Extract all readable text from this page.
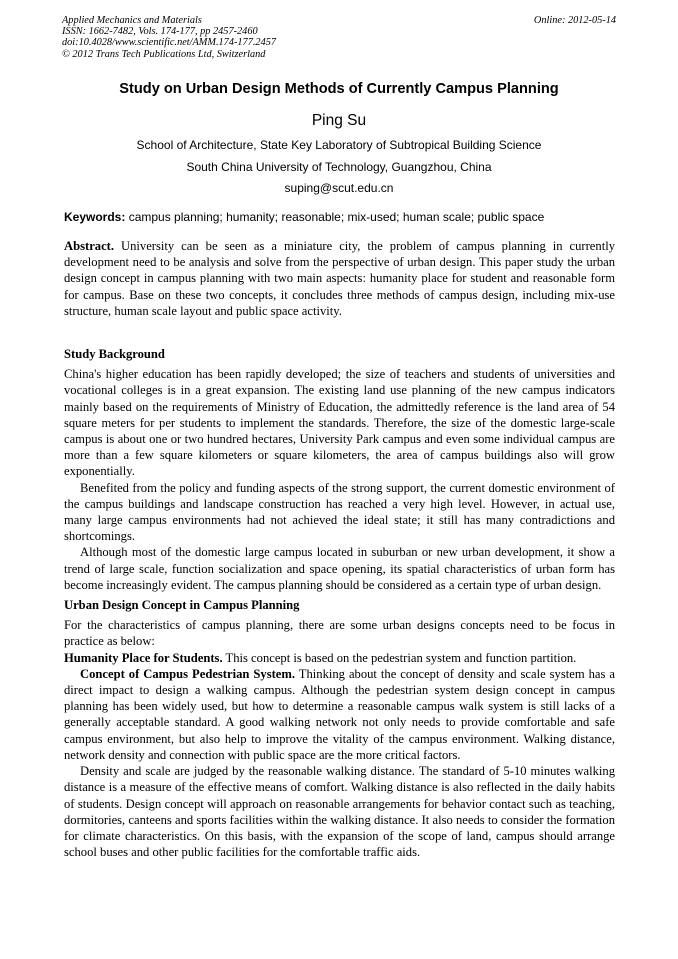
Applied Mechanics and Materials
ISSN: 1662-7482, Vols. 174-177, pp 2457-2460
doi:10.4028/www.scientific.net/AMM.174-177.2457
© 2012 Trans Tech Publications Ltd, Switzerland
Online: 2012-05-14
Study on Urban Design Methods of Currently Campus Planning
Ping Su
School of Architecture, State Key Laboratory of Subtropical Building Science
South China University of Technology, Guangzhou, China
suping@scut.edu.cn
Keywords: campus planning; humanity; reasonable; mix-used; human scale; public space

Abstract. University can be seen as a miniature city, the problem of campus planning in currently development need to be analysis and solve from the perspective of urban design. This paper study the urban design concept in campus planning with two main aspects: humanity place for student and reasonable form for campus. Base on these two concepts, it concludes three methods of campus design, including mix-use structure, human scale layout and public space activity.

Study Background

China's higher education has been rapidly developed; the size of teachers and students of universities and vocational colleges is in a great expansion. The existing land use planning of the new campus indicators mainly based on the requirements of Ministry of Education, the admittedly reference is the land area of 54 square meters for per students to implement the standards. Therefore, the size of the domestic large-scale campus is about one or two hundred hectares, University Park campus and even some individual campus are more than a few square kilometers or square kilometers, the area of campus buildings also will grow exponentially.

Benefited from the policy and funding aspects of the strong support, the current domestic environment of the campus buildings and landscape construction has reached a very high level. However, in actual use, many large campus environments had not achieved the ideal state; it still has many contradictions and shortcomings.

Although most of the domestic large campus located in suburban or new urban development, it show a trend of large scale, function socialization and space opening, its spatial characteristics of urban form has become increasingly evident. The campus planning should be considered as a certain type of urban design.

Urban Design Concept in Campus Planning

For the characteristics of campus planning, there are some urban designs concepts need to be focus in practice as below:

Humanity Place for Students. This concept is based on the pedestrian system and function partition.

Concept of Campus Pedestrian System. Thinking about the concept of density and scale system has a direct impact to design a walking campus. Although the pedestrian system design concept in campus planning has been widely used, but how to determine a reasonable campus walk system is still lacks of a generally acceptable standard. A good walking network not only needs to provide comfortable and safe campus environment, but also help to improve the vitality of the campus environment. Walking distance, network density and connection with public space are the more critical factors.

Density and scale are judged by the reasonable walking distance. The standard of 5-10 minutes walking distance is a measure of the effective means of comfort. Walking distance is also reflected in the daily habits of students. Design concept will approach on reasonable arrangements for behavior contact such as teaching, dormitories, canteens and sports facilities within the walking distance. It also needs to consider the formation for climate characteristics. On this basis, with the expansion of the scope of land, campus should arrange school buses and other public facilities for the comfortable traffic aids.
